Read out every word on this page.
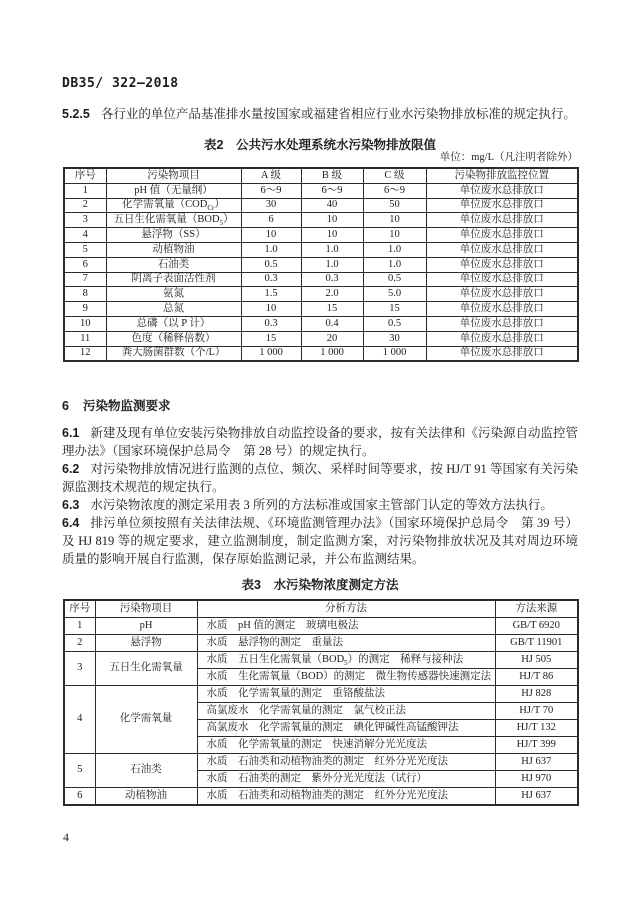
DB35/ 322—2018
5.2.5 各行业的单位产品基准排水量按国家或福建省相应行业水污染物排放标准的规定执行。
表2　公共污水处理系统水污染物排放限值
单位：mg/L（凡注明者除外）
序号	污染物项目	A 级	B 级	C 级	污染物排放监控位置
1	pH 值（无量纲）	6～9	6～9	6～9	单位废水总排放口
2	化学需氧量$(COD_{Cr})$	30	40	50	单位废水总排放口
3	五日生化需氧量$(BOD_5)$	6	10	10	单位废水总排放口
4	悬浮物（SS）	10	10	10	单位废水总排放口
5	动植物油	1.0	1.0	1.0	单位废水总排放口
6	石油类	0.5	1.0	1.0	单位废水总排放口
7	阴离子表面活性剂	0.3	0.3	0.5	单位废水总排放口
8	氨氮	1.5	2.0	5.0	单位废水总排放口
9	总氮	10	15	15	单位废水总排放口
10	总磷（以 P 计）	0.3	0.4	0.5	单位废水总排放口
11	色度（稀释倍数）	15	20	30	单位废水总排放口
12	粪大肠菌群数（个/L）	1 000	1 000	1 000	单位废水总排放口
6 污染物监测要求

6.1 新建及现有单位安装污染物排放自动监控设备的要求，按有关法律和《污染源自动监控管理办法》（国家环境保护总局令　第 28 号）的规定执行。

6.2 对污染物排放情况进行监测的点位、频次、采样时间等要求，按 HJ/T 91 等国家有关污染源监测技术规范的规定执行。

6.3 水污染物浓度的测定采用表 3 所列的方法标准或国家主管部门认定的等效方法执行。

6.4 排污单位须按照有关法律法规、《环境监测管理办法》（国家环境保护总局令　第 39 号）及 HJ 819 等的规定要求，建立监测制度，制定监测方案，对污染物排放状况及其对周边环境质量的影响开展自行监测，保存原始监测记录，并公布监测结果。

表3　水污染物浓度测定方法
序号	污染物项目	分析方法	方法来源
1	pH	水质　pH 值的测定　玻璃电极法	GB/T 6920
2	悬浮物	水质　悬浮物的测定　重量法	GB/T 11901
3	五日生化需氧量	水质　五日生化需氧量$(BOD_5)$的测定　稀释与接种法	HJ 505
		水质　生化需氧量（BOD）的测定　微生物传感器快速测定法	HJ/T 86
4	化学需氧量	水质　化学需氧量的测定　重铬酸盐法	HJ 828
		高氯废水　化学需氧量的测定　氯气校正法	HJ/T 70
		高氯废水　化学需氧量的测定　碘化钾碱性高锰酸钾法	HJ/T 132
		水质　化学需氧量的测定　快速消解分光光度法	HJ/T 399
5	石油类	水质　石油类和动植物油类的测定　红外分光光度法	HJ 637
		水质　石油类的测定　紫外分光光度法（试行）	HJ 970
6	动植物油	水质　石油类和动植物油类的测定　红外分光光度法	HJ 637
4
